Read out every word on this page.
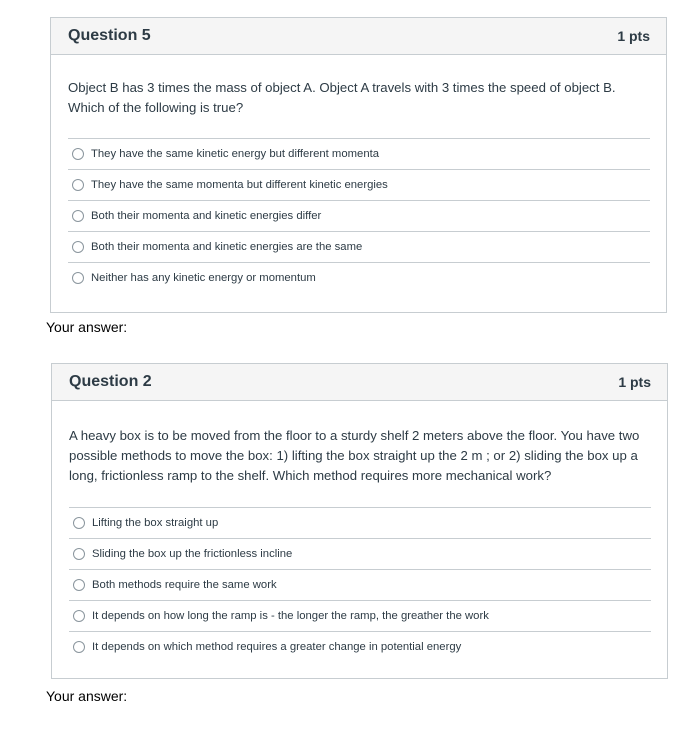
Question 5	1 pts
Object B has 3 times the mass of object A. Object A travels with 3 times the speed of object B.
Which of the following is true?
They have the same kinetic energy but different momenta
They have the same momenta but different kinetic energies
Both their momenta and kinetic energies differ
Both their momenta and kinetic energies are the same
Neither has any kinetic energy or momentum
Your answer:
Question 2	1 pts
A heavy box is to be moved from the floor to a sturdy shelf 2 meters above the floor. You have two
possible methods to move the box: 1) lifting the box straight up the 2 m ; or 2) sliding the box up a
long, frictionless ramp to the shelf. Which method requires more mechanical work?
Lifting the box straight up
Sliding the box up the frictionless incline
Both methods require the same work
It depends on how long the ramp is - the longer the ramp, the greather the work
It depends on which method requires a greater change in potential energy
Your answer:
